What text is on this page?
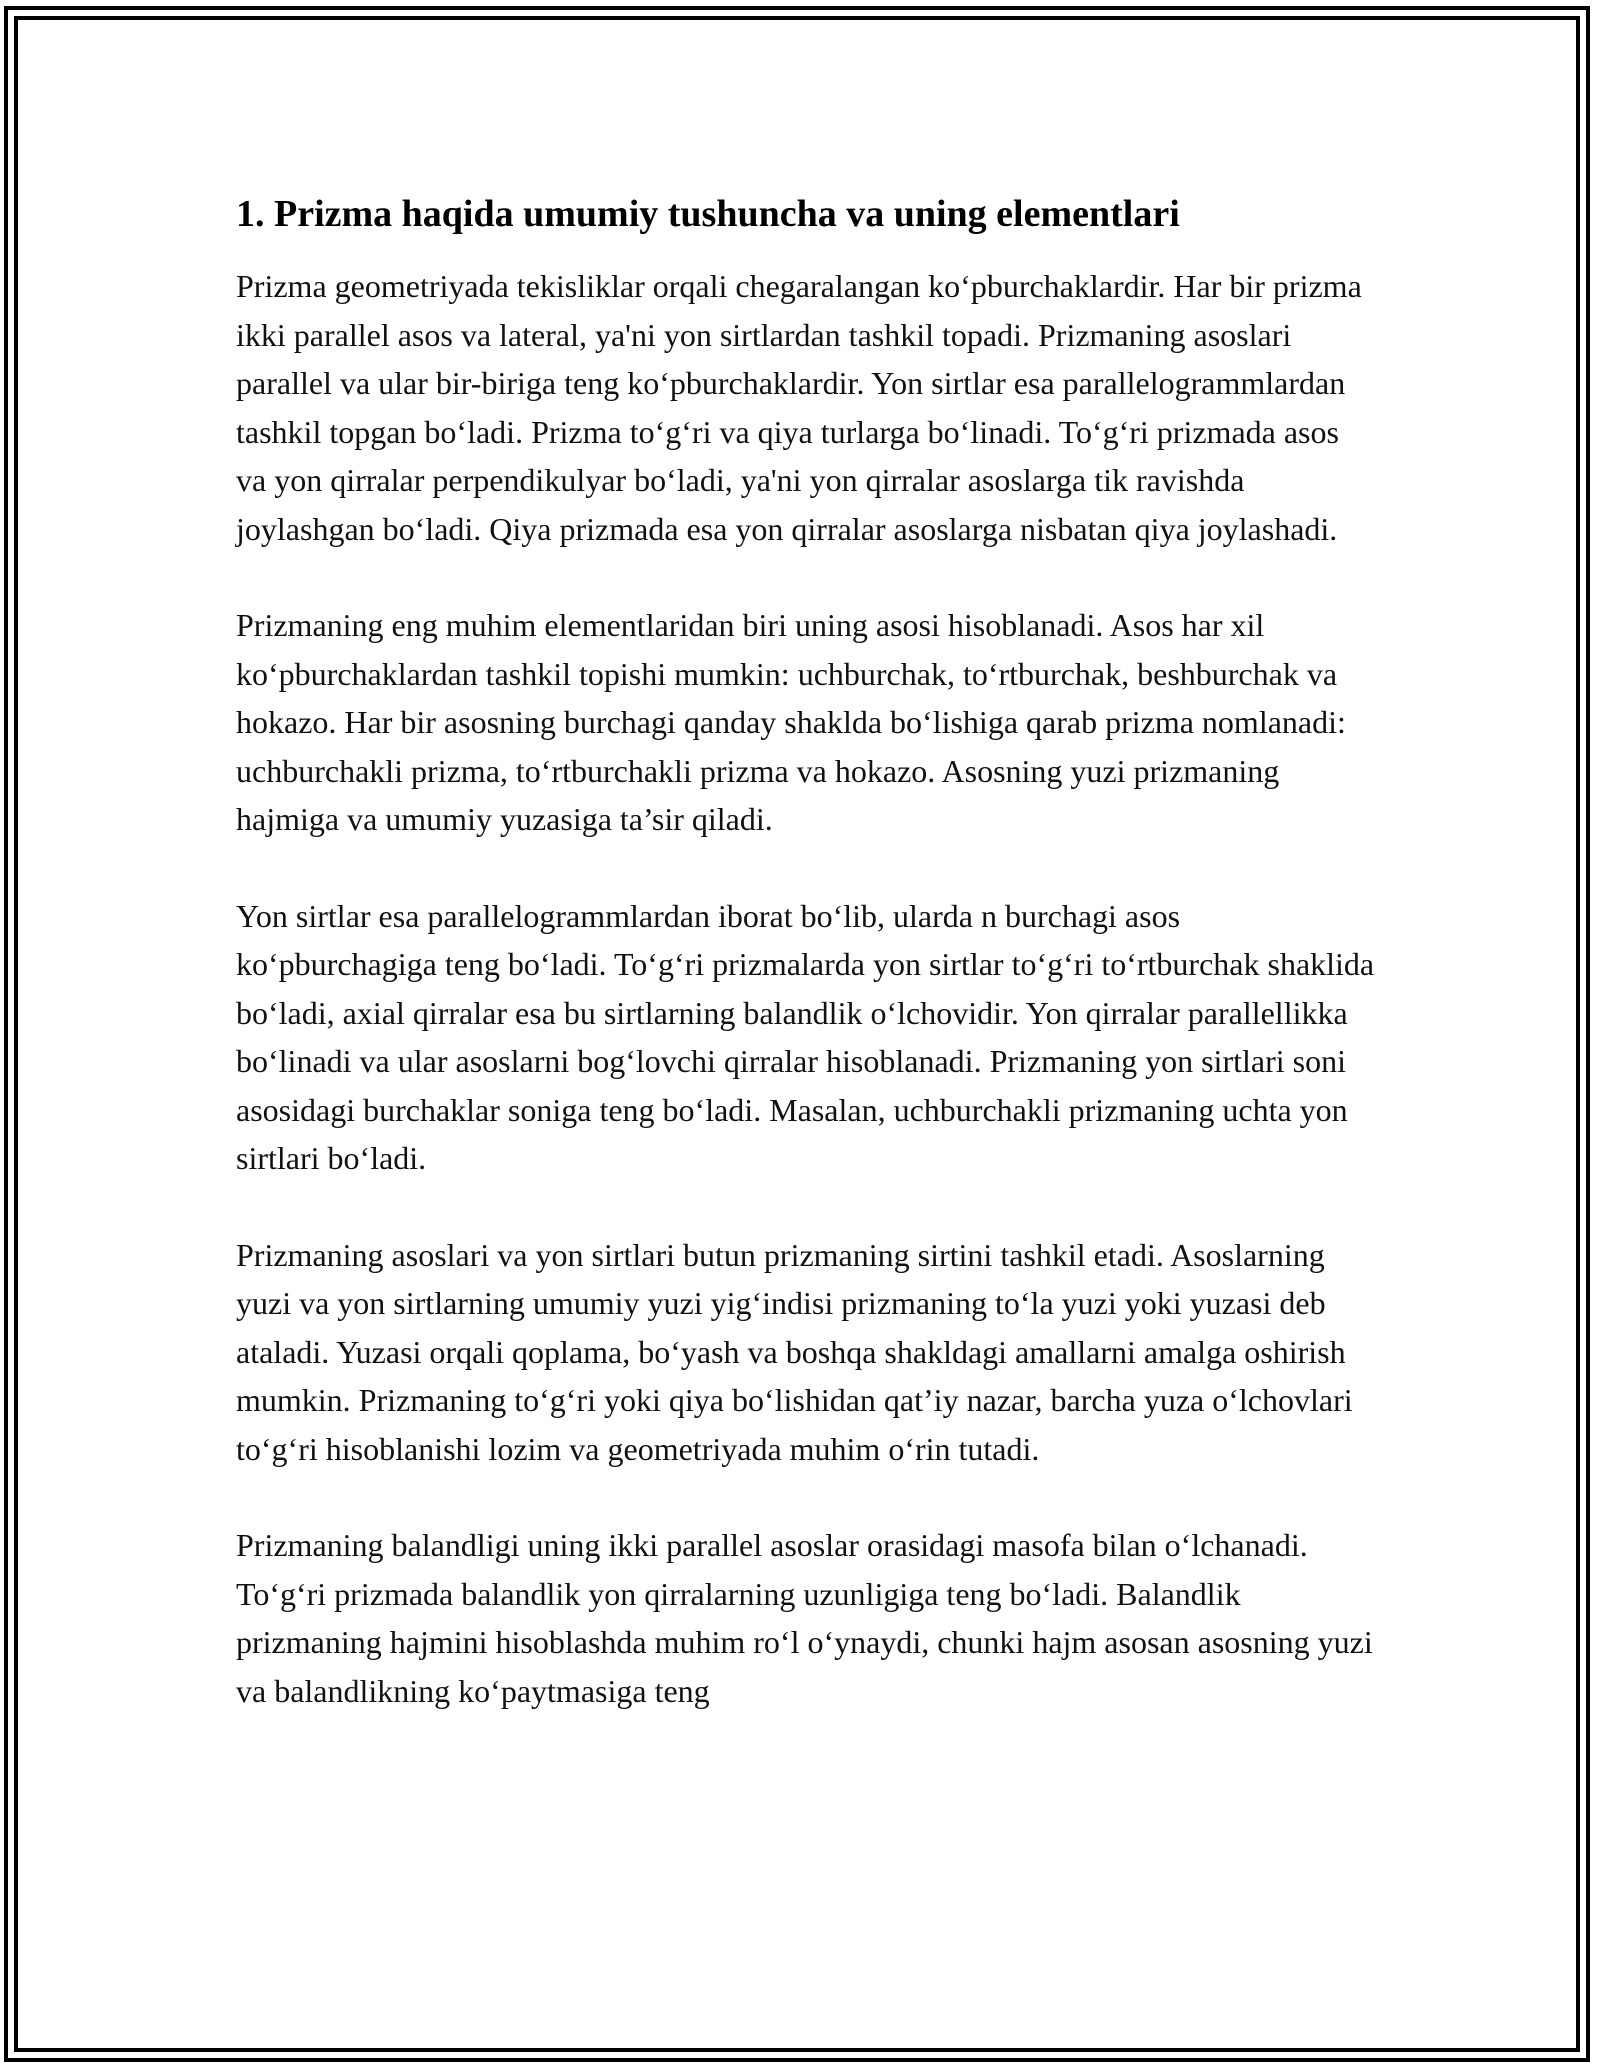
1. Prizma haqida umumiy tushuncha va uning elementlari

Prizma geometriyada tekisliklar orqali chegaralangan ko‘pburchaklardir. Har bir prizma ikki parallel asos va lateral, ya'ni yon sirtlardan tashkil topadi. Prizmaning asoslari parallel va ular bir-biriga teng ko‘pburchaklardir. Yon sirtlar esa parallelogrammlardan tashkil topgan bo‘ladi. Prizma to‘g‘ri va qiya turlarga bo‘linadi. To‘g‘ri prizmada asos va yon qirralar perpendikulyar bo‘ladi, ya'ni yon qirralar asoslarga tik ravishda joylashgan bo‘ladi. Qiya prizmada esa yon qirralar asoslarga nisbatan qiya joylashadi.

Prizmaning eng muhim elementlaridan biri uning asosi hisoblanadi. Asos har xil ko‘pburchaklardan tashkil topishi mumkin: uchburchak, to‘rtburchak, beshburchak va hokazo. Har bir asosning burchagi qanday shaklda bo‘lishiga qarab prizma nomlanadi: uchburchakli prizma, to‘rtburchakli prizma va hokazo. Asosning yuzi prizmaning hajmiga va umumiy yuzasiga ta’sir qiladi.

Yon sirtlar esa parallelogrammlardan iborat bo‘lib, ularda n burchagi asos ko‘pburchagiga teng bo‘ladi. To‘g‘ri prizmalarda yon sirtlar to‘g‘ri to‘rtburchak shaklida bo‘ladi, axial qirralar esa bu sirtlarning balandlik o‘lchovidir. Yon qirralar parallellikka bo‘linadi va ular asoslarni bog‘lovchi qirralar hisoblanadi. Prizmaning yon sirtlari soni asosidagi burchaklar soniga teng bo‘ladi. Masalan, uchburchakli prizmaning uchta yon sirtlari bo‘ladi.

Prizmaning asoslari va yon sirtlari butun prizmaning sirtini tashkil etadi. Asoslarning yuzi va yon sirtlarning umumiy yuzi yig‘indisi prizmaning to‘la yuzi yoki yuzasi deb ataladi. Yuzasi orqali qoplama, bo‘yash va boshqa shakldagi amallarni amalga oshirish mumkin. Prizmaning to‘g‘ri yoki qiya bo‘lishidan qat’iy nazar, barcha yuza o‘lchovlari to‘g‘ri hisoblanishi lozim va geometriyada muhim o‘rin tutadi.

Prizmaning balandligi uning ikki parallel asoslar orasidagi masofa bilan o‘lchanadi. To‘g‘ri prizmada balandlik yon qirralarning uzunligiga teng bo‘ladi. Balandlik prizmaning hajmini hisoblashda muhim ro‘l o‘ynaydi, chunki hajm asosan asosning yuzi va balandlikning ko‘paytmasiga teng
